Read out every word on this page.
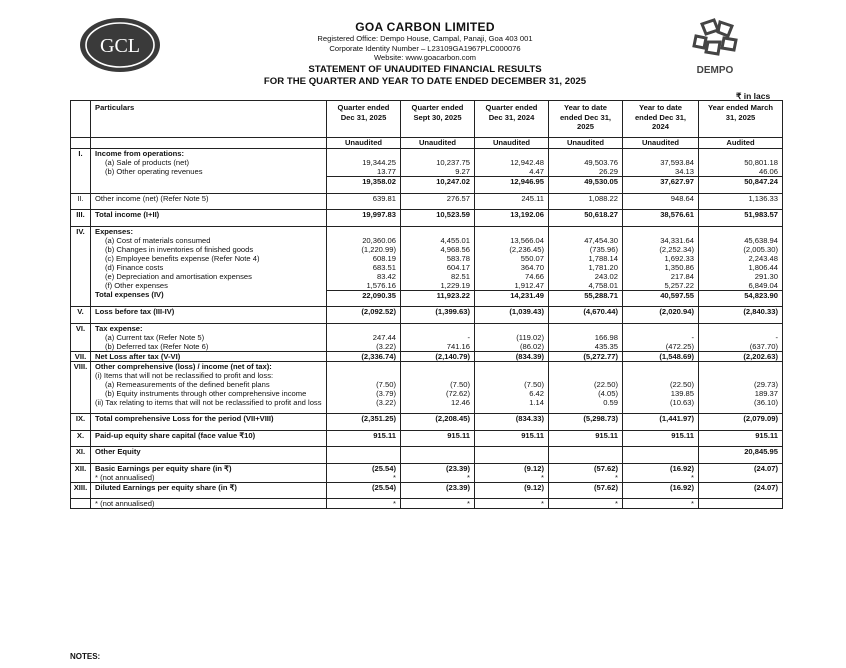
GCL
GOA CARBON LIMITED
Registered Office: Dempo House, Campal, Panaji, Goa 403 001
Corporate Identity Number – L23109GA1967PLC000076
Website: www.goacarbon.com
STATEMENT OF UNAUDITED FINANCIAL RESULTS
FOR THE QUARTER AND YEAR TO DATE ENDED DECEMBER 31, 2025
DEMPO
₹ in lacs
	Particulars	Quarter ended Dec 31, 2025	Quarter ended Sept 30, 2025	Quarter ended Dec 31, 2024	Year to date ended Dec 31, 2025	Year to date ended Dec 31, 2024	Year ended March 31, 2025
		Unaudited	Unaudited	Unaudited	Unaudited	Unaudited	Audited
I.	Income from operations:						
	(a) Sale of products (net)	19,344.25	10,237.75	12,942.48	49,503.76	37,593.84	50,801.18
	(b) Other operating revenues	13.77	9.27	4.47	26.29	34.13	46.06
		19,358.02	10,247.02	12,946.95	49,530.05	37,627.97	50,847.24

II.	Other income (net) (Refer Note 5)	639.81	276.57	245.11	1,088.22	948.64	1,136.33

III.	Total income (I+II)	19,997.83	10,523.59	13,192.06	50,618.27	38,576.61	51,983.57

IV.	Expenses:						
	(a) Cost of materials consumed	20,360.06	4,455.01	13,566.04	47,454.30	34,331.64	45,638.94
	(b) Changes in inventories of finished goods	(1,220.99)	4,968.56	(2,236.45)	(735.96)	(2,252.34)	(2,005.30)
	(c) Employee benefits expense (Refer Note 4)	608.19	583.78	550.07	1,788.14	1,692.33	2,243.48
	(d) Finance costs	683.51	604.17	364.70	1,781.20	1,350.86	1,806.44
	(e) Depreciation and amortisation expenses	83.42	82.51	74.66	243.02	217.84	291.30
	(f) Other expenses	1,576.16	1,229.19	1,912.47	4,758.01	5,257.22	6,849.04
	Total expenses (IV)	22,090.35	11,923.22	14,231.49	55,288.71	40,597.55	54,823.90

V.	Loss before tax (III-IV)	(2,092.52)	(1,399.63)	(1,039.43)	(4,670.44)	(2,020.94)	(2,840.33)

VI.	Tax expense:						
	(a) Current tax (Refer Note 5)	247.44	-	(119.02)	166.98	-	-
	(b) Deferred tax (Refer Note 6)	(3.22)	741.16	(86.02)	435.35	(472.25)	(637.70)
VII.	Net Loss after tax (V-VI)	(2,336.74)	(2,140.79)	(834.39)	(5,272.77)	(1,548.69)	(2,202.63)
VIII.	Other comprehensive (loss) / income (net of tax):						
	(i) Items that will not be reclassified to profit and loss:						
	(a) Remeasurements of the defined benefit plans	(7.50)	(7.50)	(7.50)	(22.50)	(22.50)	(29.73)
	(b) Equity instruments through other comprehensive income	(3.79)	(72.62)	6.42	(4.05)	139.85	189.37
	(ii) Tax relating to items that will not be reclassified to profit and loss	(3.22)	12.46	1.14	0.59	(10.63)	(36.10)

IX.	Total comprehensive Loss for the period (VII+VIII)	(2,351.25)	(2,208.45)	(834.33)	(5,298.73)	(1,441.97)	(2,079.09)

X.	Paid-up equity share capital (face value ₹10)	915.11	915.11	915.11	915.11	915.11	915.11

XI.	Other Equity						20,845.95

XII.	Basic Earnings per equity share (in ₹)	(25.54)	(23.39)	(9.12)	(57.62)	(16.92)	(24.07)
	* (not annualised)	*	*	*	*	*	
XIII.	Diluted Earnings per equity share (in ₹)	(25.54)	(23.39)	(9.12)	(57.62)	(16.92)	(24.07)

	* (not annualised)	*	*	*	*	*	
NOTES:
